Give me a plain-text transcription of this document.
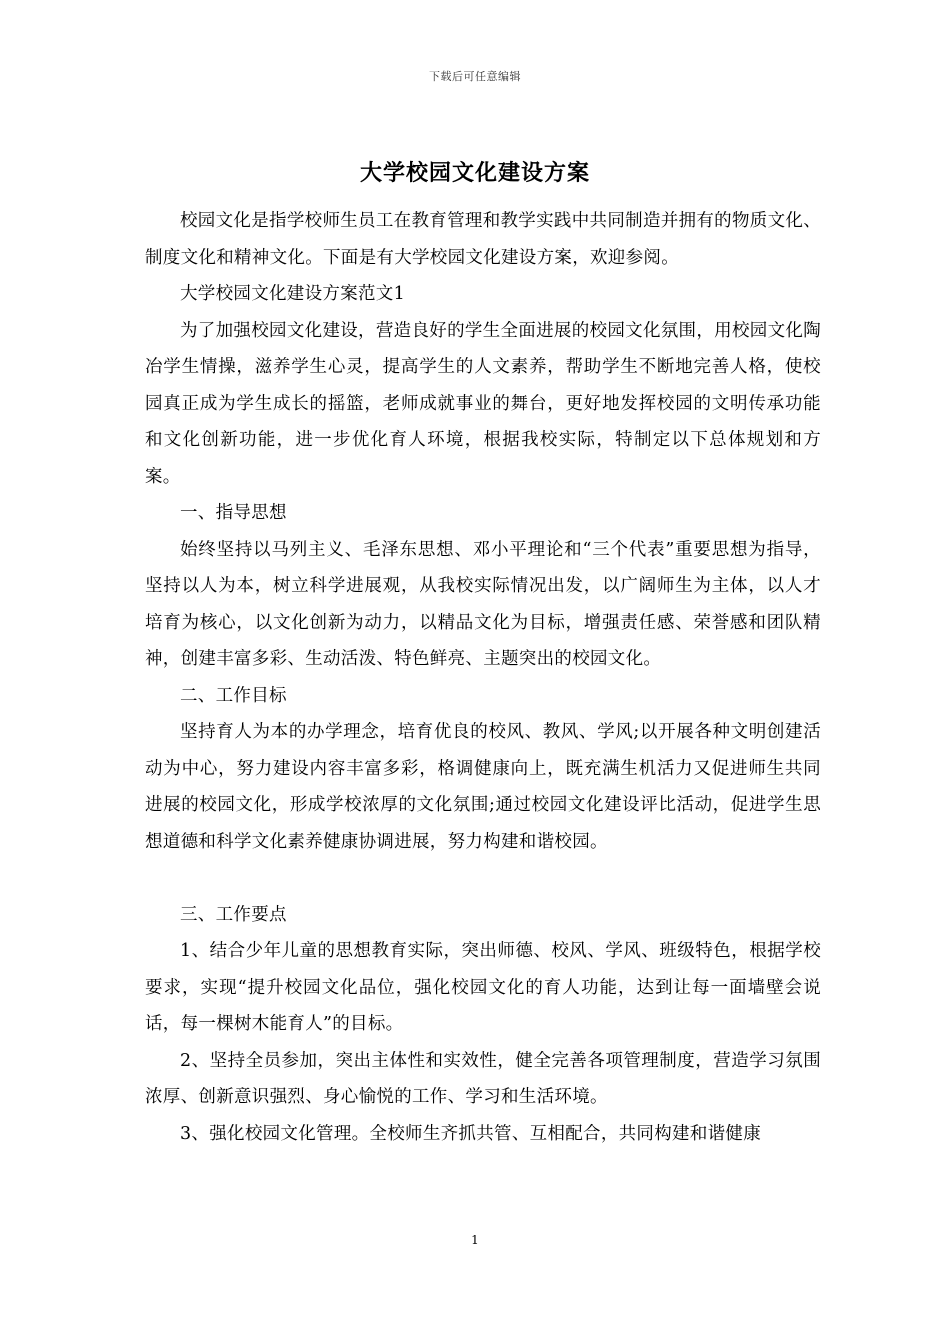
下载后可任意编辑
大学校园文化建设方案

校园文化是指学校师生员工在教育管理和教学实践中共同制造并拥有的物质文化、制度文化和精神文化。下面是有大学校园文化建设方案，欢迎参阅。

大学校园文化建设方案范文1

为了加强校园文化建设，营造良好的学生全面进展的校园文化氛围，用校园文化陶冶学生情操，滋养学生心灵，提高学生的人文素养，帮助学生不断地完善人格，使校园真正成为学生成长的摇篮，老师成就事业的舞台，更好地发挥校园的文明传承功能和文化创新功能，进一步优化育人环境，根据我校实际，特制定以下总体规划和方案。

一、指导思想

始终坚持以马列主义、毛泽东思想、邓小平理论和“三个代表”重要思想为指导，坚持以人为本，树立科学进展观，从我校实际情况出发，以广阔师生为主体，以人才培育为核心，以文化创新为动力，以精品文化为目标，增强责任感、荣誉感和团队精神，创建丰富多彩、生动活泼、特色鲜亮、主题突出的校园文化。

二、工作目标

坚持育人为本的办学理念，培育优良的校风、教风、学风;以开展各种文明创建活动为中心，努力建设内容丰富多彩，格调健康向上，既充满生机活力又促进师生共同进展的校园文化，形成学校浓厚的文化氛围;通过校园文化建设评比活动，促进学生思想道德和科学文化素养健康协调进展，努力构建和谐校园。

三、工作要点

1、结合少年儿童的思想教育实际，突出师德、校风、学风、班级特色，根据学校要求，实现“提升校园文化品位，强化校园文化的育人功能，达到让每一面墙壁会说话，每一棵树木能育人”的目标。

2、坚持全员参加，突出主体性和实效性，健全完善各项管理制度，营造学习氛围浓厚、创新意识强烈、身心愉悦的工作、学习和生活环境。

3、强化校园文化管理。全校师生齐抓共管、互相配合，共同构建和谐健康

1
